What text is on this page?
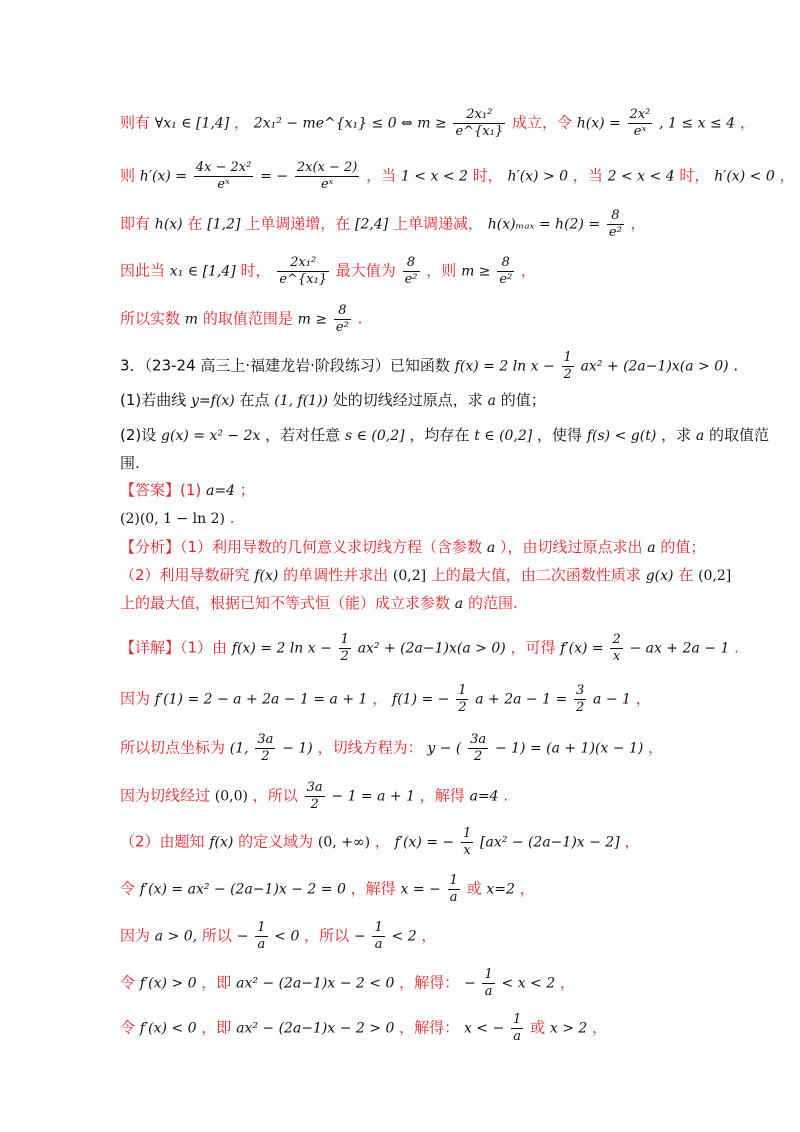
则有 ∀x₁ ∈ [1,4] ， 2x₁² − me^{x₁} ≤ 0 ⇔ $m \ge \frac{\text{2x₁²}}{\text{e\textasciicircum{}\{x₁\}}}$ 成立，令 $h(x) = \frac{\text{2x²}}{\text{eˣ}}$ , 1 ≤ x ≤ 4 ，
则 $h'(x) = \frac{\text{4x − 2x²}}{\text{eˣ}}$ = − $\frac{2x(x - 2)}{\text{eˣ}}$ ，当 1 < x < 2 时， h′(x) > 0 ，当 2 < x < 4 时， h′(x) < 0 ，
即有 h(x) 在 [1,2] 上单调递增，在 [2,4] 上单调递减， $h(x)_{max} = h(2) = \frac{8}{\text{e²}}$ ，
因此当 x₁ ∈ [1,4] 时， $\frac{\text{2x₁²}}{\text{e\textasciicircum{}\{x₁\}}}$ 最大值为 $\frac{8}{\text{e²}}$ ，则 $m \ge \frac{8}{\text{e²}}$ ，
所以实数 m 的取值范围是 $m \ge \frac{8}{\text{e²}}$ .
3．（23-24 高三上·福建龙岩·阶段练习）已知函数 f(x) = 2 $\ln x - \frac{1}{2} ax^2 + (2a-1)x(a > 0)$ .
(1)若曲线 y=f(x) 在点 (1, f(1)) 处的切线经过原点，求 a 的值；
(2)设 g(x) = x² − 2x ，若对任意 s ∈ (0,2] ，均存在 t ∈ (0,2] ，使得 f(s) < g(t) ，求 a 的取值范
围.
【答案】(1) a=4 ；
(2)(0, 1 − ln 2) .
【分析】（1）利用导数的几何意义求切线方程（含参数 a ），由切线过原点求出 a 的值；
（2）利用导数研究 f(x) 的单调性并求出 (0,2] 上的最大值，由二次函数性质求 g(x) 在 (0,2]
上的最大值，根据已知不等式恒（能）成立求参数 a 的范围.
【详解】（1）由 f(x) = 2 $\ln x - \frac{1}{2} ax^2 + (2a-1)x(a > 0)$ ，可得 $f'(x) = \frac{2}{x}$ − ax + 2a − 1 .
因为 f′(1) = 2 − a + 2a − 1 = a + 1 ， f(1) = − $\frac{1}{2}$ $a + 2a - 1 = \frac{3}{2}$ a − 1 ，
所以切点坐标为 (1, $\frac{3a}{2} - 1$) ，切线方程为： y − ( $\frac{3a}{2} - 1) = (a + 1)(x - 1)$ ，
因为切线经过 (0,0) ，所以 $\frac{3a}{2} - 1 = a + 1$ ，解得 a=4 .
（2）由题知 f(x) 的定义域为 (0, +∞) ， f′(x) = − $\frac{1}{x} [ax^2 - (2a-1)x - 2]$ ，
令 f′(x) = ax² − (2a−1)x − 2 = 0 ，解得 x = − $\frac{1}{a}$ 或 x=2 ，
因为 a > 0, 所以 − $\frac{1}{a} < 0$ ，所以 − $\frac{1}{a} < 2$ ，
令 f′(x) > 0 ，即 ax² − (2a−1)x − 2 < 0 ，解得： − $\frac{1}{a} < x < 2$ ，
令 f′(x) < 0 ，即 ax² − (2a−1)x − 2 > 0 ，解得： x < − $\frac{1}{a}$ 或 x > 2 ，
